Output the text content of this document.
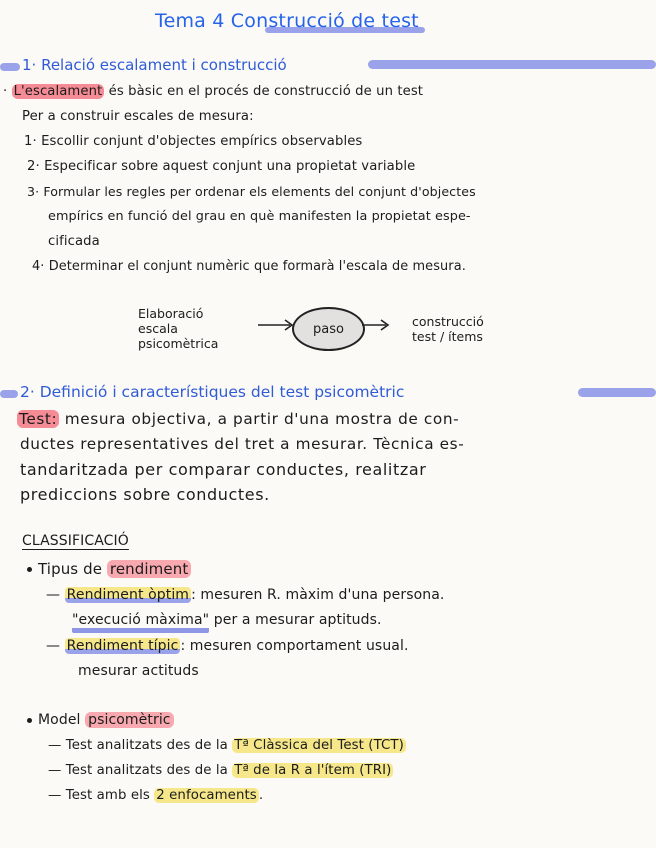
Tema 4 Construcció de test
1· Relació escalament i construcció
· L'escalament és bàsic en el procés de construcció de un test
Per a construir escales de mesura:
1· Escollir conjunt d'objectes empírics observables
2· Especificar sobre aquest conjunt una propietat variable
3· Formular les regles per ordenar els elements del conjunt d'objectes
empírics en funció del grau en què manifesten la propietat espe-
cificada
4· Determinar el conjunt numèric que formarà l'escala de mesura.
Elaboració
escala
psicomètrica
paso	construcció
test / ítems
2· Definició i característiques del test psicomètric
Test: mesura objectiva, a partir d'una mostra de con-
ductes representatives del tret a mesurar. Tècnica es-
tandaritzada per comparar conductes, realitzar
prediccions sobre conductes.
CLASSIFICACIÓ
Tipus de rendiment
— Rendiment òptim : mesuren R. màxim d'una persona.
"execució màxima" per a mesurar aptituds.
— Rendiment típic : mesuren comportament usual.
mesurar actituds
Model psicomètric
— Test analitzats des de la Tª Clàssica del Test (TCT)
— Test analitzats des de la Tª de la R a l'ítem (TRI)
— Test amb els 2 enfocaments .
